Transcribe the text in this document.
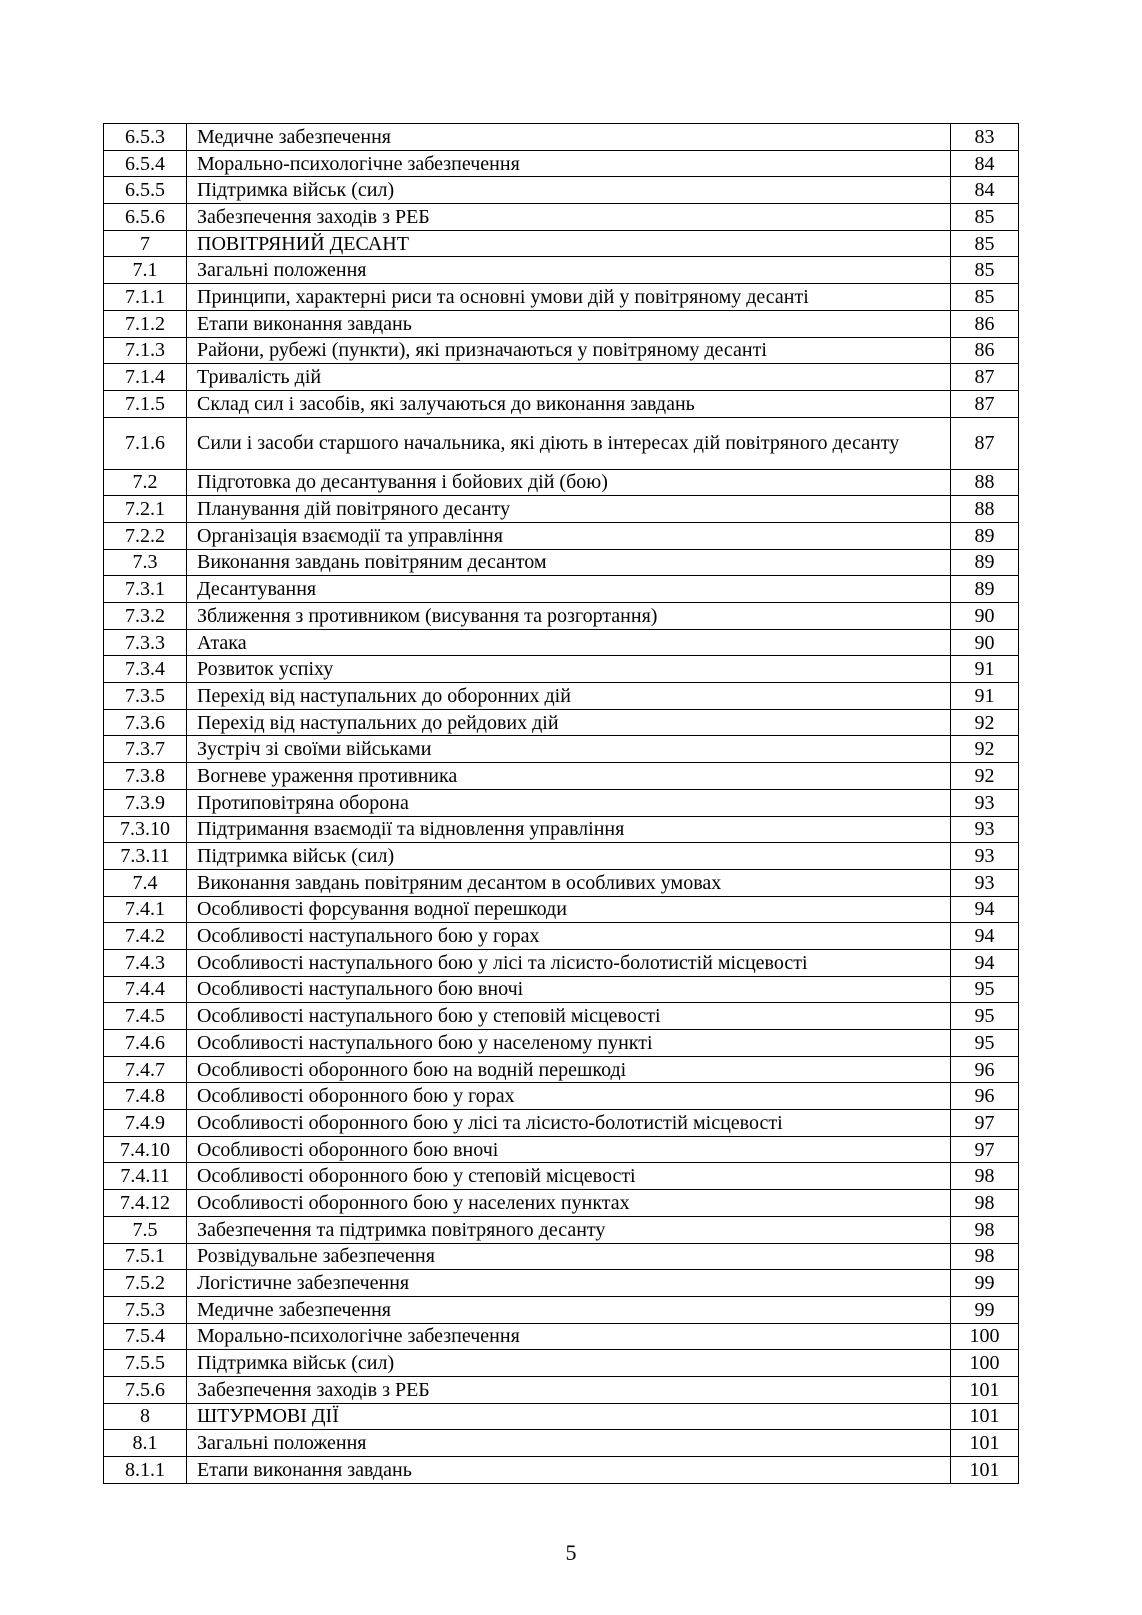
6.5.3	Медичне забезпечення	83
6.5.4	Морально-психологічне забезпечення	84
6.5.5	Підтримка військ (сил)	84
6.5.6	Забезпечення заходів з РЕБ	85
7	ПОВІТРЯНИЙ ДЕСАНТ	85
7.1	Загальні положення	85
7.1.1	Принципи, характерні риси та основні умови дій у повітряному десанті	85
7.1.2	Етапи виконання завдань	86
7.1.3	Райони, рубежі (пункти), які призначаються у повітряному десанті	86
7.1.4	Тривалість дій	87
7.1.5	Склад сил і засобів, які залучаються до виконання завдань	87
7.1.6	Сили і засоби старшого начальника, які діють в інтересах дій повітряного десанту	87
7.2	Підготовка до десантування і бойових дій (бою)	88
7.2.1	Планування дій повітряного десанту	88
7.2.2	Організація взаємодії та управління	89
7.3	Виконання завдань повітряним десантом	89
7.3.1	Десантування	89
7.3.2	Зближення з противником (висування та розгортання)	90
7.3.3	Атака	90
7.3.4	Розвиток успіху	91
7.3.5	Перехід від наступальних до оборонних дій	91
7.3.6	Перехід від наступальних до рейдових дій	92
7.3.7	Зустріч зі своїми військами	92
7.3.8	Вогневе ураження противника	92
7.3.9	Протиповітряна оборона	93
7.3.10	Підтримання взаємодії та відновлення управління	93
7.3.11	Підтримка військ (сил)	93
7.4	Виконання завдань повітряним десантом в особливих умовах	93
7.4.1	Особливості форсування водної перешкоди	94
7.4.2	Особливості наступального бою у горах	94
7.4.3	Особливості наступального бою у лісі та лісисто-болотистій місцевості	94
7.4.4	Особливості наступального бою вночі	95
7.4.5	Особливості наступального бою у степовій місцевості	95
7.4.6	Особливості наступального бою у населеному пункті	95
7.4.7	Особливості оборонного бою на водній перешкоді	96
7.4.8	Особливості оборонного бою у горах	96
7.4.9	Особливості оборонного бою у лісі та лісисто-болотистій місцевості	97
7.4.10	Особливості оборонного бою вночі	97
7.4.11	Особливості оборонного бою у степовій місцевості	98
7.4.12	Особливості оборонного бою у населених пунктах	98
7.5	Забезпечення та підтримка повітряного десанту	98
7.5.1	Розвідувальне забезпечення	98
7.5.2	Логістичне забезпечення	99
7.5.3	Медичне забезпечення	99
7.5.4	Морально-психологічне забезпечення	100
7.5.5	Підтримка військ (сил)	100
7.5.6	Забезпечення заходів з РЕБ	101
8	ШТУРМОВІ ДІЇ	101
8.1	Загальні положення	101
8.1.1	Етапи виконання завдань	101
5
